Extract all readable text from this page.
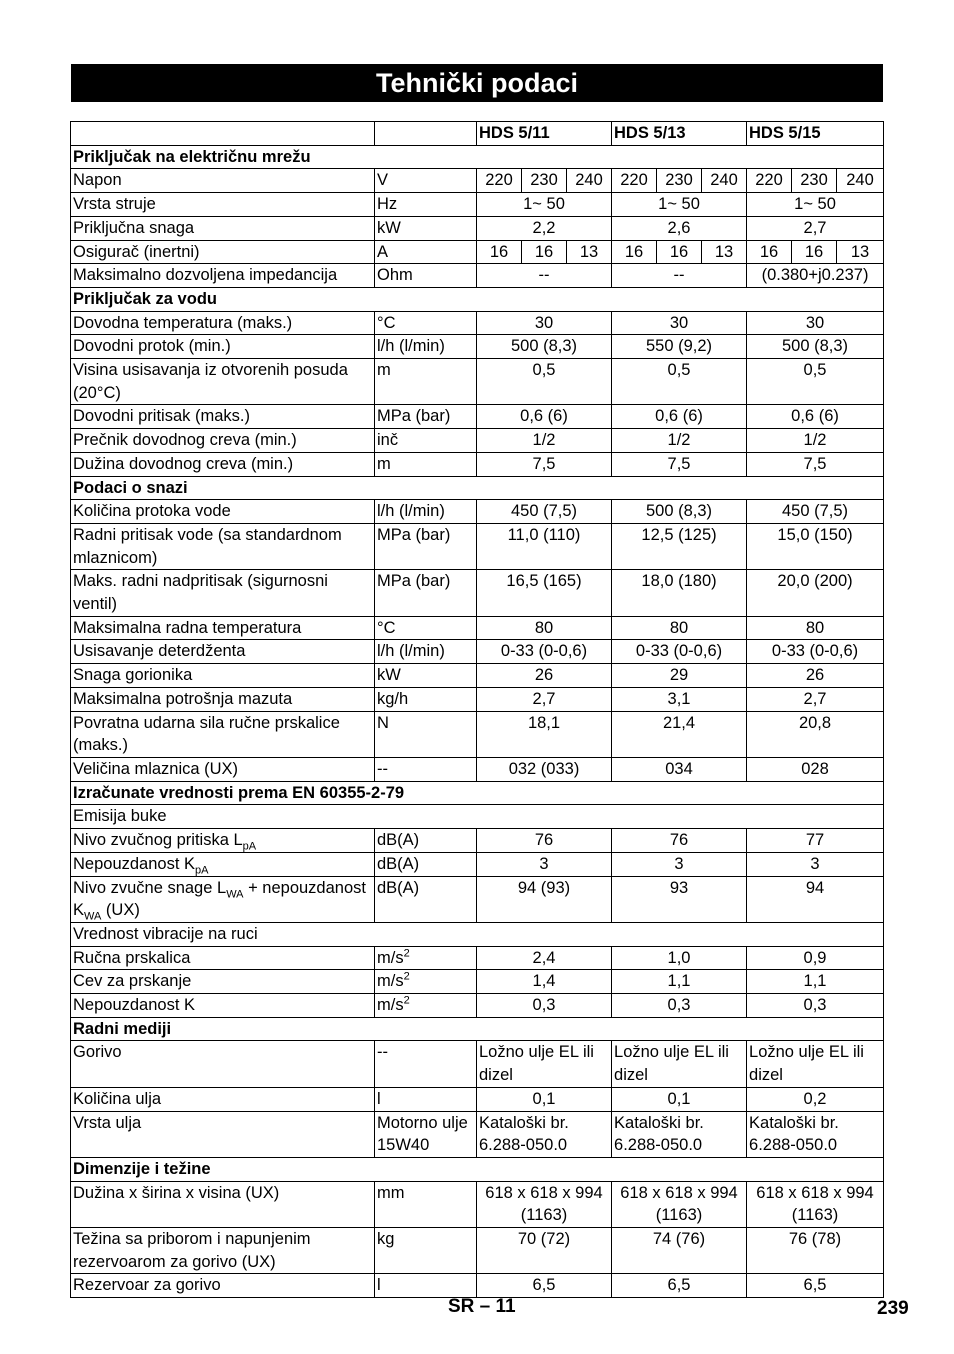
Tehnički podaci
		HDS 5/11			HDS 5/13			HDS 5/15		
Priključak na električnu mrežu										
Napon	V	220	230	240	220	230	240	220	230	240
Vrsta struje	Hz	1~ 50			1~ 50			1~ 50		
Priključna snaga	kW	2,2			2,6			2,7		
Osigurač (inertni)	A	16	16	13	16	16	13	16	16	13
Maksimalno dozvoljena impedancija	Ohm	--			--			(0.380+j0.237)		
Priključak za vodu										
Dovodna temperatura (maks.)	°C	30			30			30		
Dovodni protok (min.)	l/h (l/min)	500 (8,3)			550 (9,2)			500 (8,3)		
Visina usisavanja iz otvorenih posuda (20°C)	m	0,5			0,5			0,5		
Dovodni pritisak (maks.)	MPa (bar)	0,6 (6)			0,6 (6)			0,6 (6)		
Prečnik dovodnog creva (min.)	inč	1/2			1/2			1/2		
Dužina dovodnog creva (min.)	m	7,5			7,5			7,5		
Podaci o snazi										
Količina protoka vode	l/h (l/min)	450 (7,5)			500 (8,3)			450 (7,5)		
Radni pritisak vode (sa standardnom mlaznicom)	MPa (bar)	11,0 (110)			12,5 (125)			15,0 (150)		
Maks. radni nadpritisak (sigurnosni ventil)	MPa (bar)	16,5 (165)			18,0 (180)			20,0 (200)		
Maksimalna radna temperatura	°C	80			80			80		
Usisavanje deterdženta	l/h (l/min)	0-33 (0-0,6)			0-33 (0-0,6)			0-33 (0-0,6)		
Snaga gorionika	kW	26			29			26		
Maksimalna potrošnja mazuta	kg/h	2,7			3,1			2,7		
Povratna udarna sila ručne prskalice (maks.)	N	18,1			21,4			20,8		
Veličina mlaznica (UX)	--	032 (033)			034			028		
Izračunate vrednosti prema EN 60355-2-79										
Emisija buke										
Nivo zvučnog pritiska $L_{pA}$	dB(A)	76			76			77		
Nepouzdanost $K_{pA}$	dB(A)	3			3			3		
Nivo zvučne snage $L_{WA}$ + nepouzdanost $K_{WA}$ (UX)	dB(A)	94 (93)			93			94		
Vrednost vibracije na ruci										
Ručna prskalica	$m/s^2$	2,4			1,0			0,9		
Cev za prskanje	$m/s^2$	1,4			1,1			1,1		
Nepouzdanost K	$m/s^2$	0,3			0,3			0,3		
Radni mediji										
Gorivo	--	Ložno ulje EL ili dizel			Ložno ulje EL ili dizel			Ložno ulje EL ili dizel		
Količina ulja	l	0,1			0,1			0,2		
Vrsta ulja	Motorno ulje 15W40	Kataloški br. 6.288-050.0			Kataloški br. 6.288-050.0			Kataloški br. 6.288-050.0		
Dimenzije i težine										
Dužina x širina x visina (UX)	mm	618 x 618 x 994 (1163)			618 x 618 x 994 (1163)			618 x 618 x 994 (1163)		
Težina sa priborom i napunjenim rezervoarom za gorivo (UX)	kg	70 (72)			74 (76)			76 (78)		
Rezervoar za gorivo	l	6,5			6,5			6,5		
SR – 11	239
